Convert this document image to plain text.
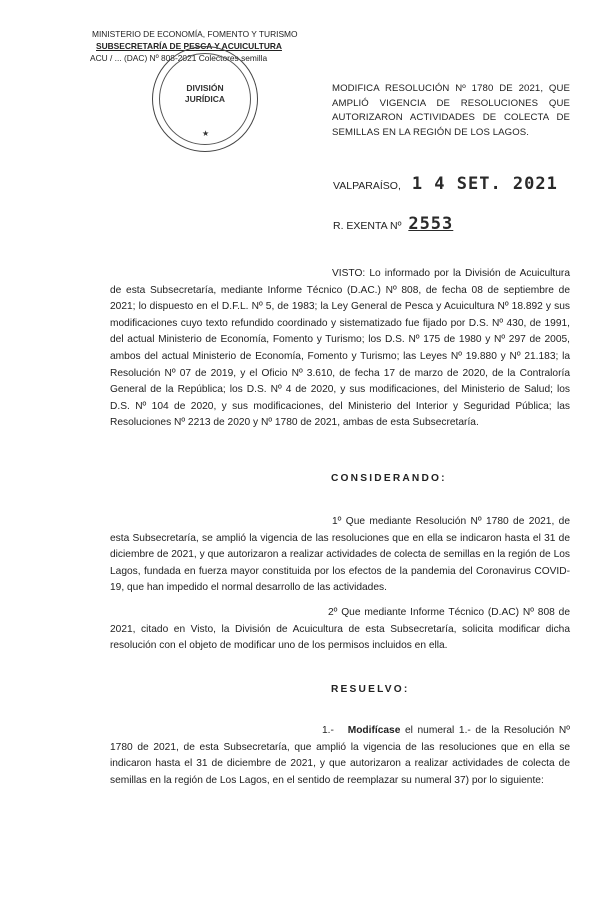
MINISTERIO DE ECONOMÍA, FOMENTO Y TURISMO
SUBSECRETARÍA DE PESCA Y ACUICULTURA
ACU / ... (DAC) Nº 808-2021 Colectores semilla
DIVISIÓN
JURÍDICA
★
MODIFICA RESOLUCIÓN Nº 1780 DE 2021, QUE AMPLIÓ VIGENCIA DE RESOLUCIONES QUE AUTORIZARON ACTIVIDADES DE COLECTA DE SEMILLAS EN LA REGIÓN DE LOS LAGOS.
VALPARAÍSO, 1 4 SET. 2021
R. EXENTA Nº 2553
VISTO: Lo informado por la División de Acuicultura de esta Subsecretaría, mediante Informe Técnico (D.AC.) Nº 808, de fecha 08 de septiembre de 2021; lo dispuesto en el D.F.L. Nº 5, de 1983; la Ley General de Pesca y Acuicultura Nº 18.892 y sus modificaciones cuyo texto refundido coordinado y sistematizado fue fijado por D.S. Nº 430, de 1991, del actual Ministerio de Economía, Fomento y Turismo; los D.S. Nº 175 de 1980 y Nº 297 de 2005, ambos del actual Ministerio de Economía, Fomento y Turismo; las Leyes Nº 19.880 y Nº 21.183; la Resolución Nº 07 de 2019, y el Oficio Nº 3.610, de fecha 17 de marzo de 2020, de la Contraloría General de la República; los D.S. Nº 4 de 2020, y sus modificaciones, del Ministerio de Salud; los D.S. Nº 104 de 2020, y sus modificaciones, del Ministerio del Interior y Seguridad Pública; las Resoluciones Nº 2213 de 2020 y Nº 1780 de 2021, ambas de esta Subsecretaría.
CONSIDERANDO:
1º Que mediante Resolución Nº 1780 de 2021, de esta Subsecretaría, se amplió la vigencia de las resoluciones que en ella se indicaron hasta el 31 de diciembre de 2021, y que autorizaron a realizar actividades de colecta de semillas en la región de Los Lagos, fundada en fuerza mayor constituida por los efectos de la pandemia del Coronavirus COVID-19, que han impedido el normal desarrollo de las actividades.
2º Que mediante Informe Técnico (D.AC) Nº 808 de 2021, citado en Visto, la División de Acuicultura de esta Subsecretaría, solicita modificar dicha resolución con el objeto de modificar uno de los permisos incluidos en ella.
RESUELVO:
1.- Modifícase el numeral 1.- de la Resolución Nº 1780 de 2021, de esta Subsecretaría, que amplió la vigencia de las resoluciones que en ella se indicaron hasta el 31 de diciembre de 2021, y que autorizaron a realizar actividades de colecta de semillas en la región de Los Lagos, en el sentido de reemplazar su numeral 37) por lo siguiente:
